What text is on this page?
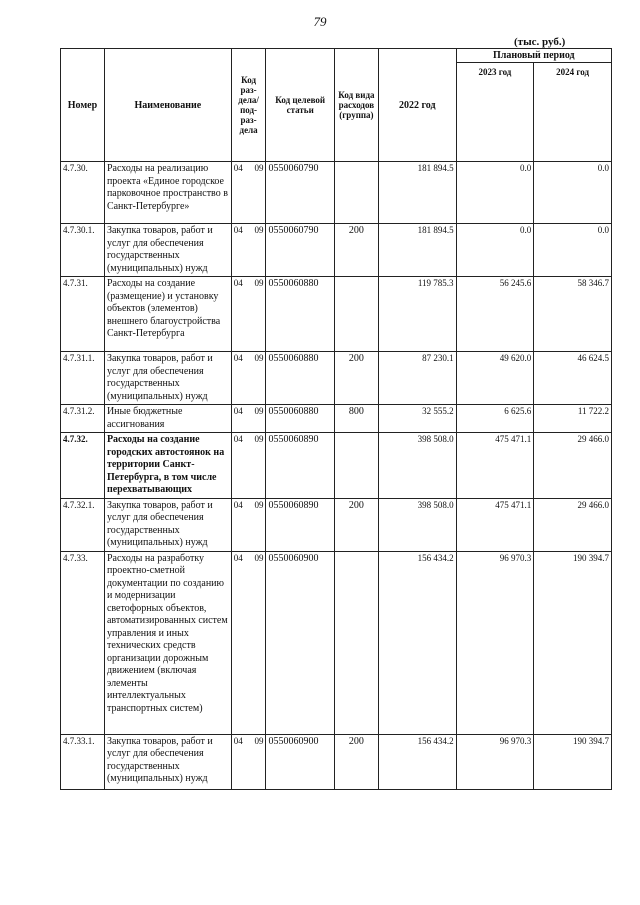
79
(тыс. руб.)
Номер	Наименование	Код раз-дела/ под-раз-дела		Код целевой статьи	Код вида расходов (группа)	2022 год	Плановый период	
							2023 год	2024 год
4.7.30.	Расходы на реализацию проекта «Единое городское парковочное пространство в Санкт-Петербурге»	04	09	0550060790		181 894.5	0.0	0.0
4.7.30.1.	Закупка товаров, работ и услуг для обеспечения государственных (муниципальных) нужд	04	09	0550060790	200	181 894.5	0.0	0.0
4.7.31.	Расходы на создание (размещение) и установку объектов (элементов) внешнего благоустройства Санкт-Петербурга	04	09	0550060880		119 785.3	56 245.6	58 346.7
4.7.31.1.	Закупка товаров, работ и услуг для обеспечения государственных (муниципальных) нужд	04	09	0550060880	200	87 230.1	49 620.0	46 624.5
4.7.31.2.	Иные бюджетные ассигнования	04	09	0550060880	800	32 555.2	6 625.6	11 722.2
4.7.32.	Расходы на создание городских автостоянок на территории Санкт-Петербурга, в том числе перехватывающих	04	09	0550060890		398 508.0	475 471.1	29 466.0
4.7.32.1.	Закупка товаров, работ и услуг для обеспечения государственных (муниципальных) нужд	04	09	0550060890	200	398 508.0	475 471.1	29 466.0
4.7.33.	Расходы на разработку проектно-сметной документации по созданию и модернизации светофорных объектов, автоматизированных систем управления и иных технических средств организации дорожным движением (включая элементы интеллектуальных транспортных систем)	04	09	0550060900		156 434.2	96 970.3	190 394.7
4.7.33.1.	Закупка товаров, работ и услуг для обеспечения государственных (муниципальных) нужд	04	09	0550060900	200	156 434.2	96 970.3	190 394.7
